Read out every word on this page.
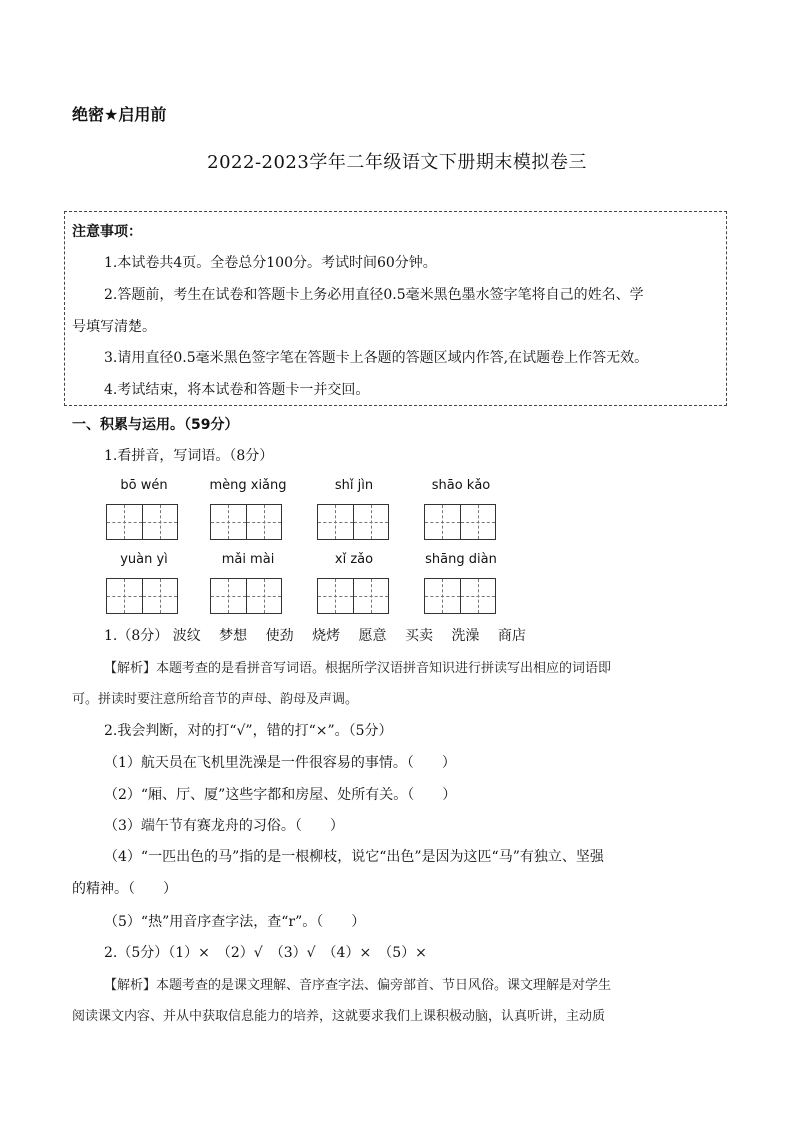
绝密★启用前
2022-2023学年二年级语文下册期末模拟卷三
注意事项：
1.本试卷共4页。全卷总分100分。考试时间60分钟。
2.答题前，考生在试卷和答题卡上务必用直径0.5毫米黑色墨水签字笔将自己的姓名、学
号填写清楚。
3.请用直径0.5毫米黑色签字笔在答题卡上各题的答题区域内作答,在试题卷上作答无效。
4.考试结束，将本试卷和答题卡一并交回。
一、积累与运用。（59分）
1.看拼音，写词语。（8分）
bō wén	mèng xiǎng	shǐ jìn	shāo kǎo
yuàn yì	mǎi mài	xǐ zǎo	shāng diàn
1.（8分） 波纹 梦想 使劲 烧烤 愿意 买卖 洗澡 商店
【解析】本题考查的是看拼音写词语。根据所学汉语拼音知识进行拼读写出相应的词语即
可。拼读时要注意所给音节的声母、韵母及声调。
2.我会判断，对的打“√”，错的打“×”。（5分）
（1）航天员在飞机里洗澡是一件很容易的事情。（　　）
（2）“厢、厅、厦”这些字都和房屋、处所有关。（　　）
（3）端午节有赛龙舟的习俗。（　　）
（4）“一匹出色的马”指的是一根柳枝，说它“出色”是因为这匹“马”有独立、坚强
的精神。（　　）
（5）“热”用音序查字法，查“r”。（　　）
2.（5分）（1）×　（2）√　（3）√　（4）×　（5）×
【解析】本题考查的是课文理解、音序查字法、偏旁部首、节日风俗。课文理解是对学生
阅读课文内容、并从中获取信息能力的培养，这就要求我们上课积极动脑，认真听讲，主动质
